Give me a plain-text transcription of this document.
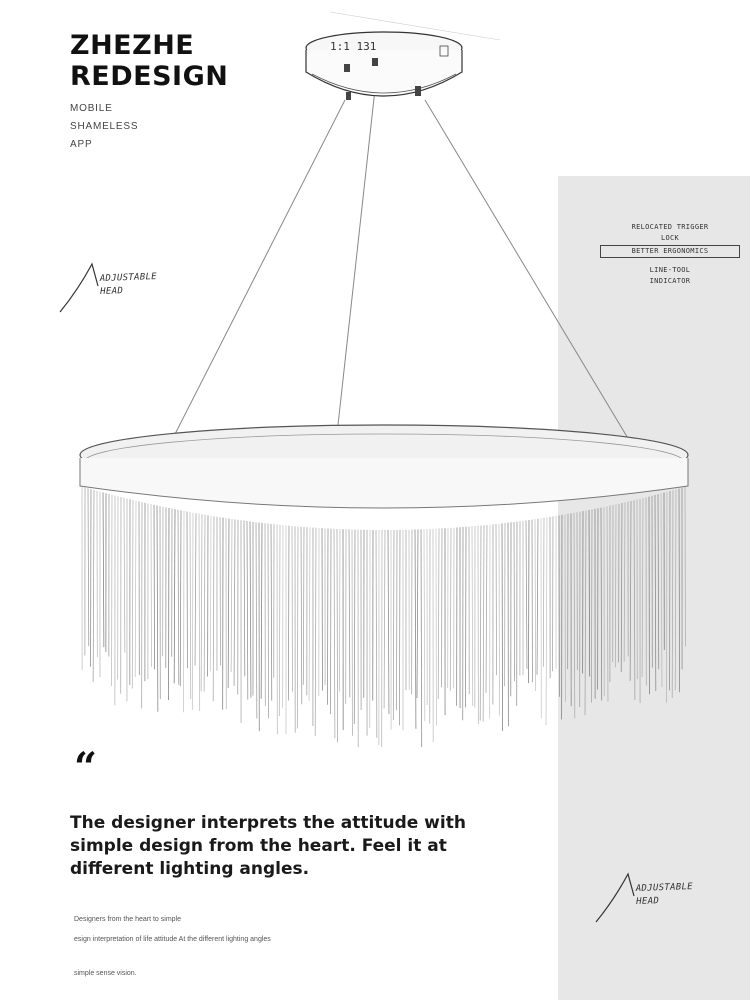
1:1 131
ZHEZHE
REDESIGN
MOBILE
SHAMELESS
APP
ADJUSTABLE
HEAD
RELOCATED TRIGGER
LOCK
BETTER ERGONOMICS
LINE-TOOL
INDICATOR
ADJUSTABLE
HEAD
“
The designer interprets the attitude with simple design from the heart. Feel it at different lighting angles.
Designers from the heart to simple
esign interpretation of life attitude At the different lighting angles
simple sense vision.
